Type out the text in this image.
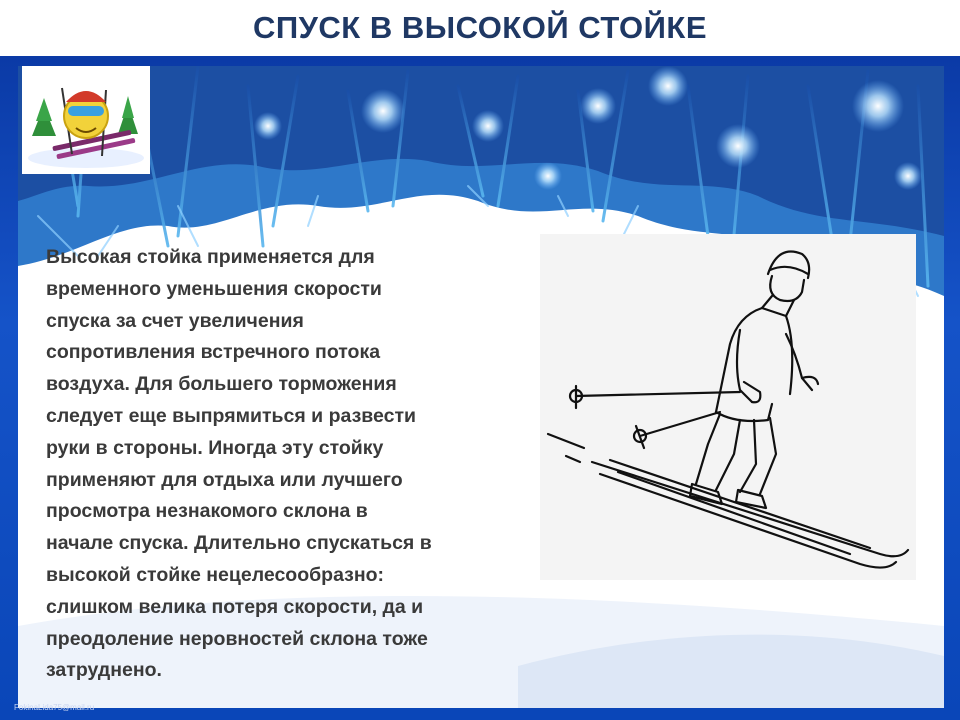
СПУСК В ВЫСОКОЙ СТОЙКЕ
Высокая стойка применяется для
временного уменьшения скорости
спуска за счет увеличения
сопротивления встречного потока
воздуха. Для большего торможения
следует еще выпрямиться и развести
руки в стороны. Иногда эту стойку
применяют для отдыха или лучшего
просмотра незнакомого склона в
начале спуска. Длительно спускаться в
высокой стойке нецелесообразно:
слишком велика потеря скорости, да и
преодоление неровностей склона тоже
затруднено.
FokinaLida75@mail.ru
